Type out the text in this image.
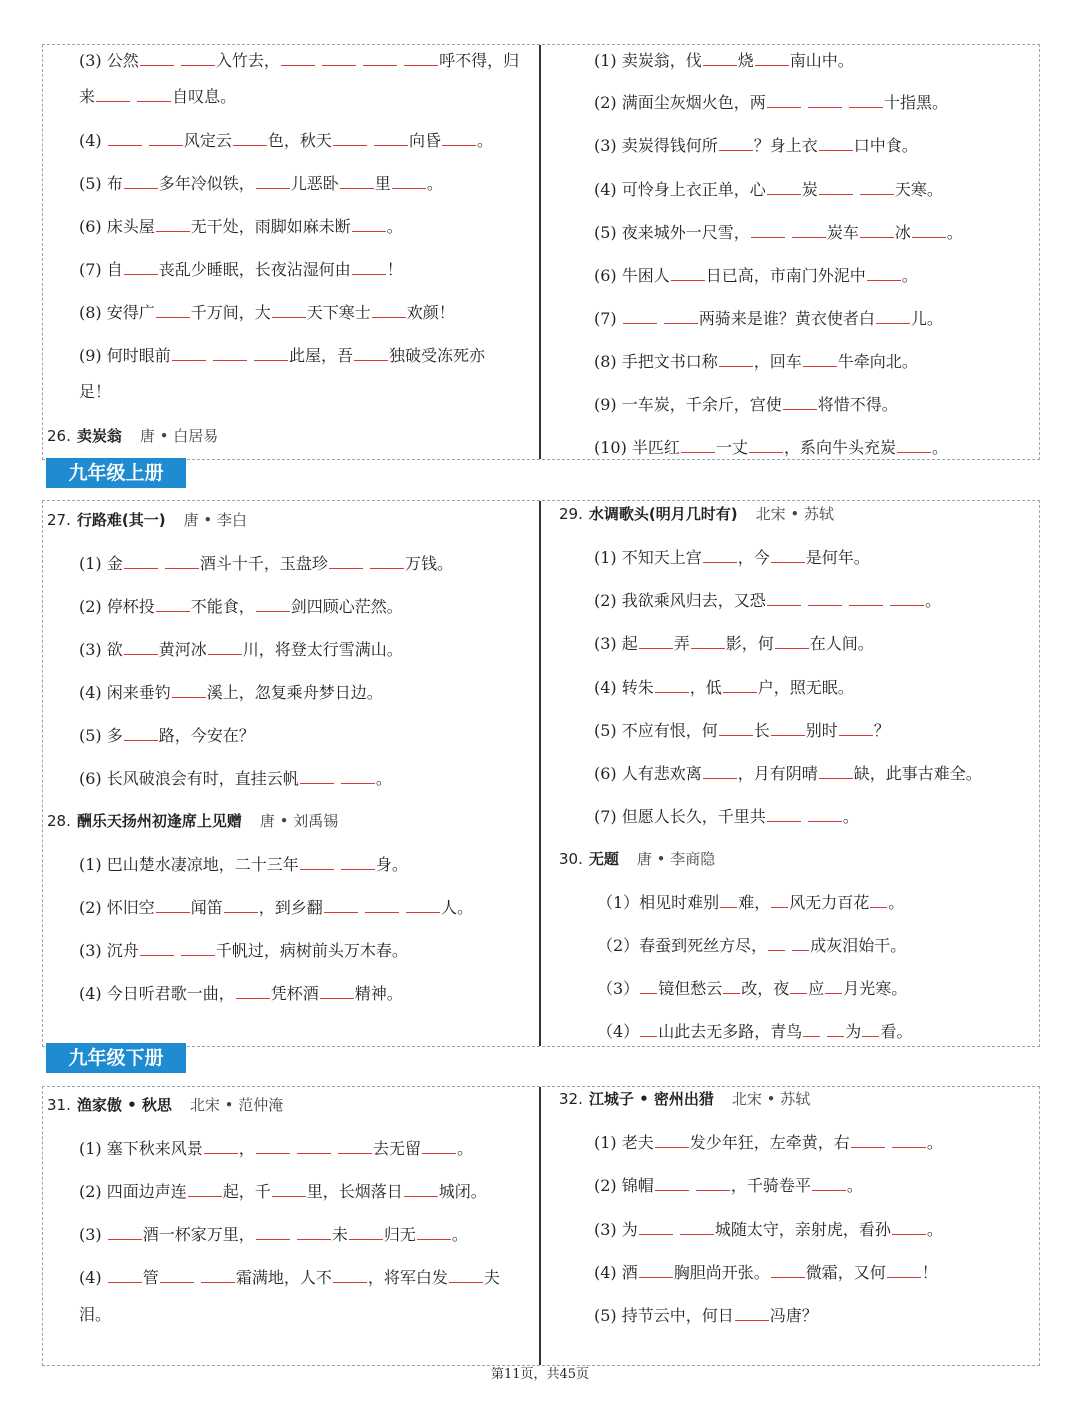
(3) 公然	入竹去，	呼不得，归
来	自叹息。
(4)	风定云 色，秋天	向昏 。
(5) 布 多年冷似铁， 儿恶卧 里 。
(6) 床头屋 无干处，雨脚如麻未断 。
(7) 自 丧乱少睡眠，长夜沾湿何由 ！
(8) 安得广 千万间，大 天下寒士 欢颜！
(9) 何时眼前	此屋，吾 独破受冻死亦
足！
26. 卖炭翁 唐 • 白居易
(1) 卖炭翁，伐 烧 南山中。
(2) 满面尘灰烟火色，两	十指黑。
(3) 卖炭得钱何所 ？身上衣 口中食。
(4) 可怜身上衣正单，心 炭	天寒。
(5) 夜来城外一尺雪，	炭车 冰 。
(6) 牛困人 日已高，市南门外泥中 。
(7)	两骑来是谁？黄衣使者白 儿。
(8) 手把文书口称 ，回车 牛牵向北。
(9) 一车炭，千余斤，宫使 将惜不得。
(10) 半匹红 一丈 ，系向牛头充炭 。
九年级上册
27. 行路难(其一) 唐 • 李白
(1) 金	酒斗十千，玉盘珍	万钱。
(2) 停杯投 不能食， 剑四顾心茫然。
(3) 欲 黄河冰 川，将登太行雪满山。
(4) 闲来垂钓 溪上，忽复乘舟梦日边。
(5) 多 路，今安在？
(6) 长风破浪会有时，直挂云帆	。
28. 酬乐天扬州初逢席上见赠 唐 • 刘禹锡
(1) 巴山楚水凄凉地，二十三年	身。
(2) 怀旧空 闻笛 ，到乡翻	人。
(3) 沉舟	千帆过，病树前头万木春。
(4) 今日听君歌一曲， 凭杯酒 精神。
29. 水调歌头(明月几时有) 北宋 • 苏轼
(1) 不知天上宫 ，今 是何年。
(2) 我欲乘风归去，又恐	。
(3) 起 弄 影，何 在人间。
(4) 转朱 ，低 户，照无眠。
(5) 不应有恨，何 长 别时 ？
(6) 人有悲欢离 ，月有阴晴 缺，此事古难全。
(7) 但愿人长久，千里共	。
30. 无题 唐 • 李商隐
（1）相见时难别 难， 风无力百花 。
（2）春蚕到死丝方尽，	成灰泪始干。
（3） 镜但愁云 改，夜 应 月光寒。
（4） 山此去无多路，青鸟	为 看。
九年级下册
31. 渔家傲 • 秋思 北宋 • 范仲淹
(1) 塞下秋来风景 ，	去无留 。
(2) 四面边声连 起，千 里，长烟落日 城闭。
(3) 酒一杯家万里，	未 归无 。
(4) 管	霜满地，人不 ，将军白发 夫
泪。
32. 江城子 • 密州出猎 北宋 • 苏轼
(1) 老夫 发少年狂，左牵黄，右	。
(2) 锦帽	，千骑卷平 。
(3) 为	城随太守，亲射虎，看孙 。
(4) 酒 胸胆尚开张。 微霜，又何 ！
(5) 持节云中，何日 冯唐？
第11页，共45页
